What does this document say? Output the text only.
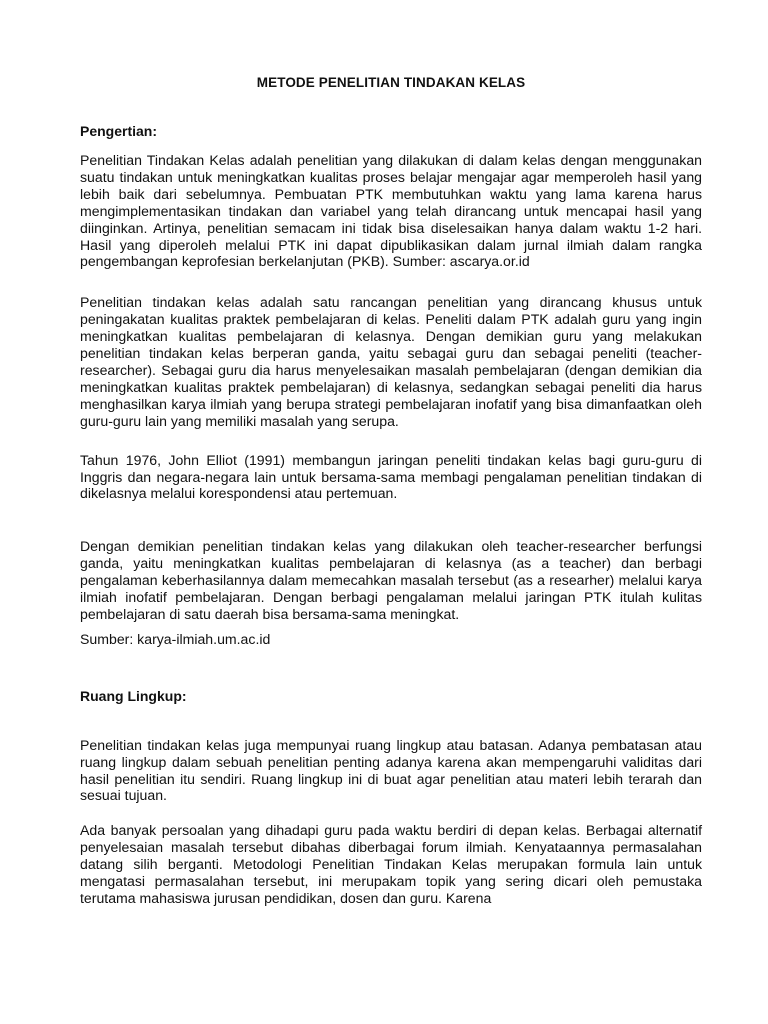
METODE PENELITIAN TINDAKAN KELAS
Pengertian:

Penelitian Tindakan Kelas adalah penelitian yang dilakukan di dalam kelas dengan menggunakan suatu tindakan untuk meningkatkan kualitas proses belajar mengajar agar memperoleh hasil yang lebih baik dari sebelumnya. Pembuatan PTK membutuhkan waktu yang lama karena harus mengimplementasikan tindakan dan variabel yang telah dirancang untuk mencapai hasil yang diinginkan. Artinya, penelitian semacam ini tidak bisa diselesaikan hanya dalam waktu 1-2 hari. Hasil yang diperoleh melalui PTK ini dapat dipublikasikan dalam jurnal ilmiah dalam rangka pengembangan keprofesian berkelanjutan (PKB). Sumber: ascarya.or.id

Penelitian tindakan kelas adalah satu rancangan penelitian yang dirancang khusus untuk peningakatan kualitas praktek pembelajaran di kelas. Peneliti dalam PTK adalah guru yang ingin meningkatkan kualitas pembelajaran di kelasnya. Dengan demikian guru yang melakukan penelitian tindakan kelas berperan ganda, yaitu sebagai guru dan sebagai peneliti (teacher-researcher). Sebagai guru dia harus menyelesaikan masalah pembelajaran (dengan demikian dia meningkatkan kualitas praktek pembelajaran) di kelasnya, sedangkan sebagai peneliti dia harus menghasilkan karya ilmiah yang berupa strategi pembelajaran inofatif yang bisa dimanfaatkan oleh guru-guru lain yang memiliki masalah yang serupa.

Tahun 1976, John Elliot (1991) membangun jaringan peneliti tindakan kelas bagi guru-guru di Inggris dan negara-negara lain untuk bersama-sama membagi pengalaman penelitian tindakan di dikelasnya melalui korespondensi atau pertemuan.

Dengan demikian penelitian tindakan kelas yang dilakukan oleh teacher-researcher berfungsi ganda, yaitu meningkatkan kualitas pembelajaran di kelasnya (as a teacher) dan berbagi pengalaman keberhasilannya dalam memecahkan masalah tersebut (as a researher) melalui karya ilmiah inofatif pembelajaran. Dengan berbagi pengalaman melalui jaringan PTK itulah kulitas pembelajaran di satu daerah bisa bersama-sama meningkat.

Sumber: karya-ilmiah.um.ac.id

Ruang Lingkup:

Penelitian tindakan kelas juga mempunyai ruang lingkup atau batasan. Adanya pembatasan atau ruang lingkup dalam sebuah penelitian penting adanya karena akan mempengaruhi validitas dari hasil penelitian itu sendiri. Ruang lingkup ini di buat agar penelitian atau materi lebih terarah dan sesuai tujuan.

Ada banyak persoalan yang dihadapi guru pada waktu berdiri di depan kelas. Berbagai alternatif penyelesaian masalah tersebut dibahas diberbagai forum ilmiah. Kenyataannya permasalahan datang silih berganti. Metodologi Penelitian Tindakan Kelas merupakan formula lain untuk mengatasi permasalahan tersebut, ini merupakam topik yang sering dicari oleh pemustaka terutama mahasiswa jurusan pendidikan, dosen dan guru. Karena
